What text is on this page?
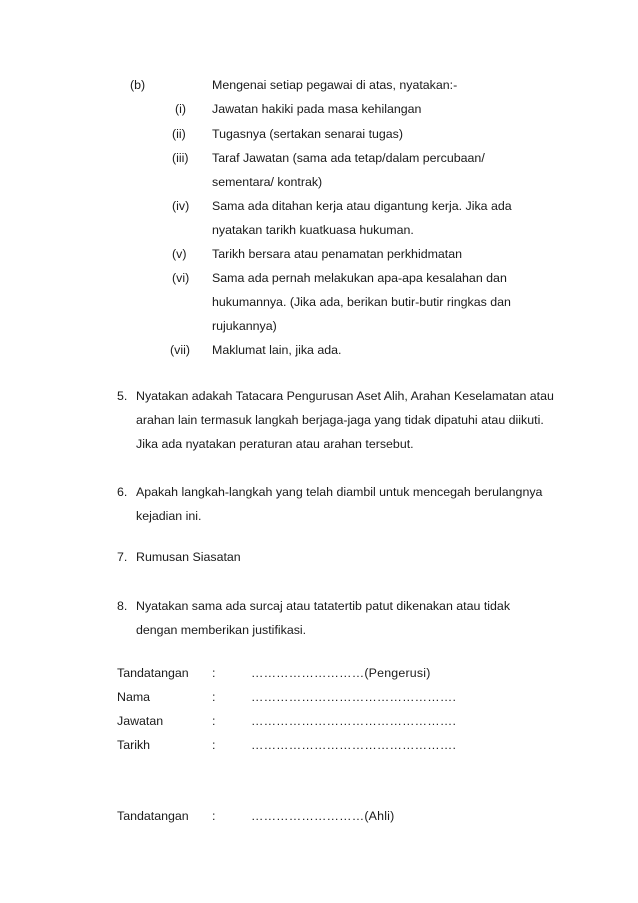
(b)	Mengenai setiap pegawai di atas, nyatakan:-
(i) Jawatan hakiki pada masa kehilangan
(ii) Tugasnya (sertakan senarai tugas)
(iii) Taraf Jawatan (sama ada tetap/dalam percubaan/
sementara/ kontrak)
(iv) Sama ada ditahan kerja atau digantung kerja. Jika ada
nyatakan tarikh kuatkuasa hukuman.
(v) Tarikh bersara atau penamatan perkhidmatan
(vi) Sama ada pernah melakukan apa-apa kesalahan dan
hukumannya. (Jika ada, berikan butir-butir ringkas dan
rujukannya)
(vii) Maklumat lain, jika ada.
5. Nyatakan adakah Tatacara Pengurusan Aset Alih, Arahan Keselamatan atau
arahan lain termasuk langkah berjaga-jaga yang tidak dipatuhi atau diikuti.
Jika ada nyatakan peraturan atau arahan tersebut.
6. Apakah langkah-langkah yang telah diambil untuk mencegah berulangnya
kejadian ini.
7. Rumusan Siasatan
8. Nyatakan sama ada surcaj atau tatatertib patut dikenakan atau tidak
dengan memberikan justifikasi.
Tandatangan :	………………………(Pengerusi)
Nama	:	………………………………………….
Jawatan	:	………………………………………….
Tarikh	:	………………………………………….
Tandatangan :	………………………(Ahli)
